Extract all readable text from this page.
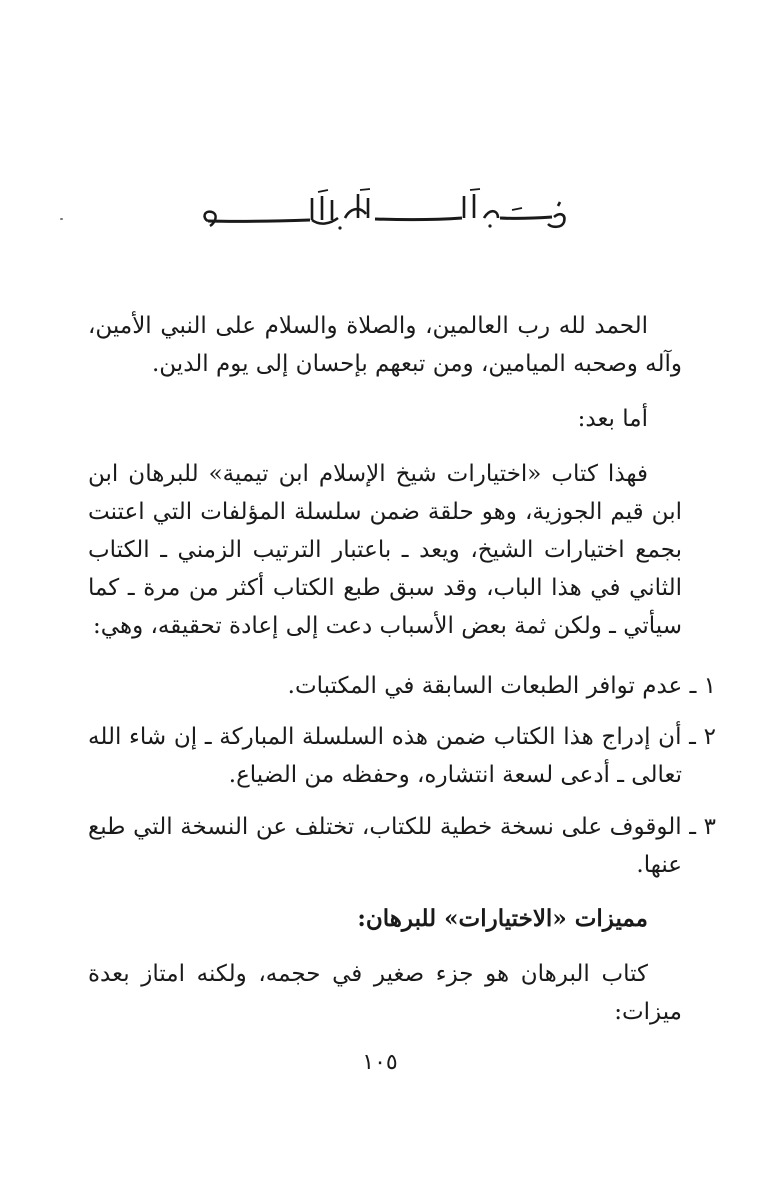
الحمد لله رب العالمين، والصلاة والسلام على النبي الأمين، وآله وصحبه الميامين، ومن تبعهم بإحسان إلى يوم الدين.

أما بعد:

فهذا كتاب «اختيارات شيخ الإسلام ابن تيمية» للبرهان ابن ابن قيم الجوزية، وهو حلقة ضمن سلسلة المؤلفات التي اعتنت بجمع اختيارات الشيخ، ويعد ـ باعتبار الترتيب الزمني ـ الكتاب الثاني في هذا الباب، وقد سبق طبع الكتاب أكثر من مرة ـ كما سيأتي ـ ولكن ثمة بعض الأسباب دعت إلى إعادة تحقيقه، وهي:

١ ـ عدم توافر الطبعات السابقة في المكتبات.

٢ ـ أن إدراج هذا الكتاب ضمن هذه السلسلة المباركة ـ إن شاء الله تعالى ـ أدعى لسعة انتشاره، وحفظه من الضياع.

٣ ـ الوقوف على نسخة خطية للكتاب، تختلف عن النسخة التي طبع عنها.

مميزات «الاختيارات» للبرهان:

كتاب البرهان هو جزء صغير في حجمه، ولكنه امتاز بعدة ميزات:

١٠٥
